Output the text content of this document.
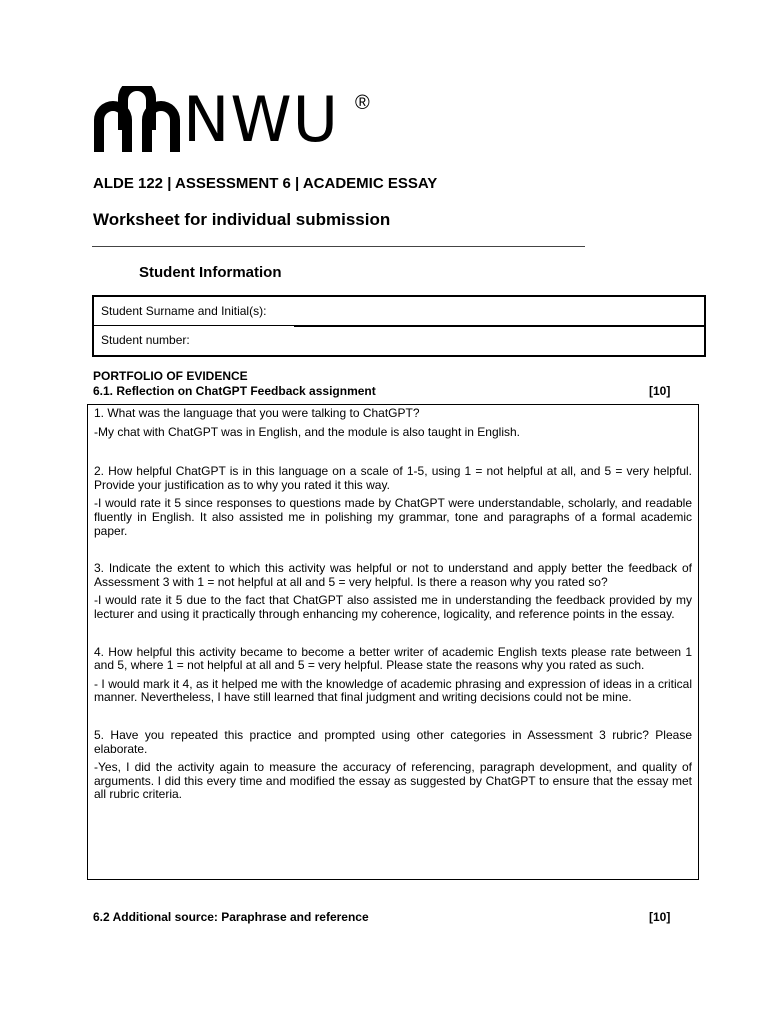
NWU ®
ALDE 122 | ASSESSMENT 6 | ACADEMIC ESSAY
Worksheet for individual submission
Student Information
Student Surname and Initial(s):
Student number:
PORTFOLIO OF EVIDENCE
6.1. Reflection on ChatGPT Feedback assignment	[10]

1. What was the language that you were talking to ChatGPT?

-My chat with ChatGPT was in English, and the module is also taught in English.

2. How helpful ChatGPT is in this language on a scale of 1-5, using 1 = not helpful at all, and 5 = very helpful. Provide your justification as to why you rated it this way.

-I would rate it 5 since responses to questions made by ChatGPT were understandable, scholarly, and readable fluently in English. It also assisted me in polishing my grammar, tone and paragraphs of a formal academic paper.

3. Indicate the extent to which this activity was helpful or not to understand and apply better the feedback of Assessment 3 with 1 = not helpful at all and 5 = very helpful. Is there a reason why you rated so?

-I would rate it 5 due to the fact that ChatGPT also assisted me in understanding the feedback provided by my lecturer and using it practically through enhancing my coherence, logicality, and reference points in the essay.

4. How helpful this activity became to become a better writer of academic English texts please rate between 1 and 5, where 1 = not helpful at all and 5 = very helpful. Please state the reasons why you rated as such.

- I would mark it 4, as it helped me with the knowledge of academic phrasing and expression of ideas in a critical manner. Nevertheless, I have still learned that final judgment and writing decisions could not be mine.

5. Have you repeated this practice and prompted using other categories in Assessment 3 rubric? Please elaborate.

-Yes, I did the activity again to measure the accuracy of referencing, paragraph development, and quality of arguments. I did this every time and modified the essay as suggested by ChatGPT to ensure that the essay met all rubric criteria.

6.2 Additional source: Paraphrase and reference	[10]
